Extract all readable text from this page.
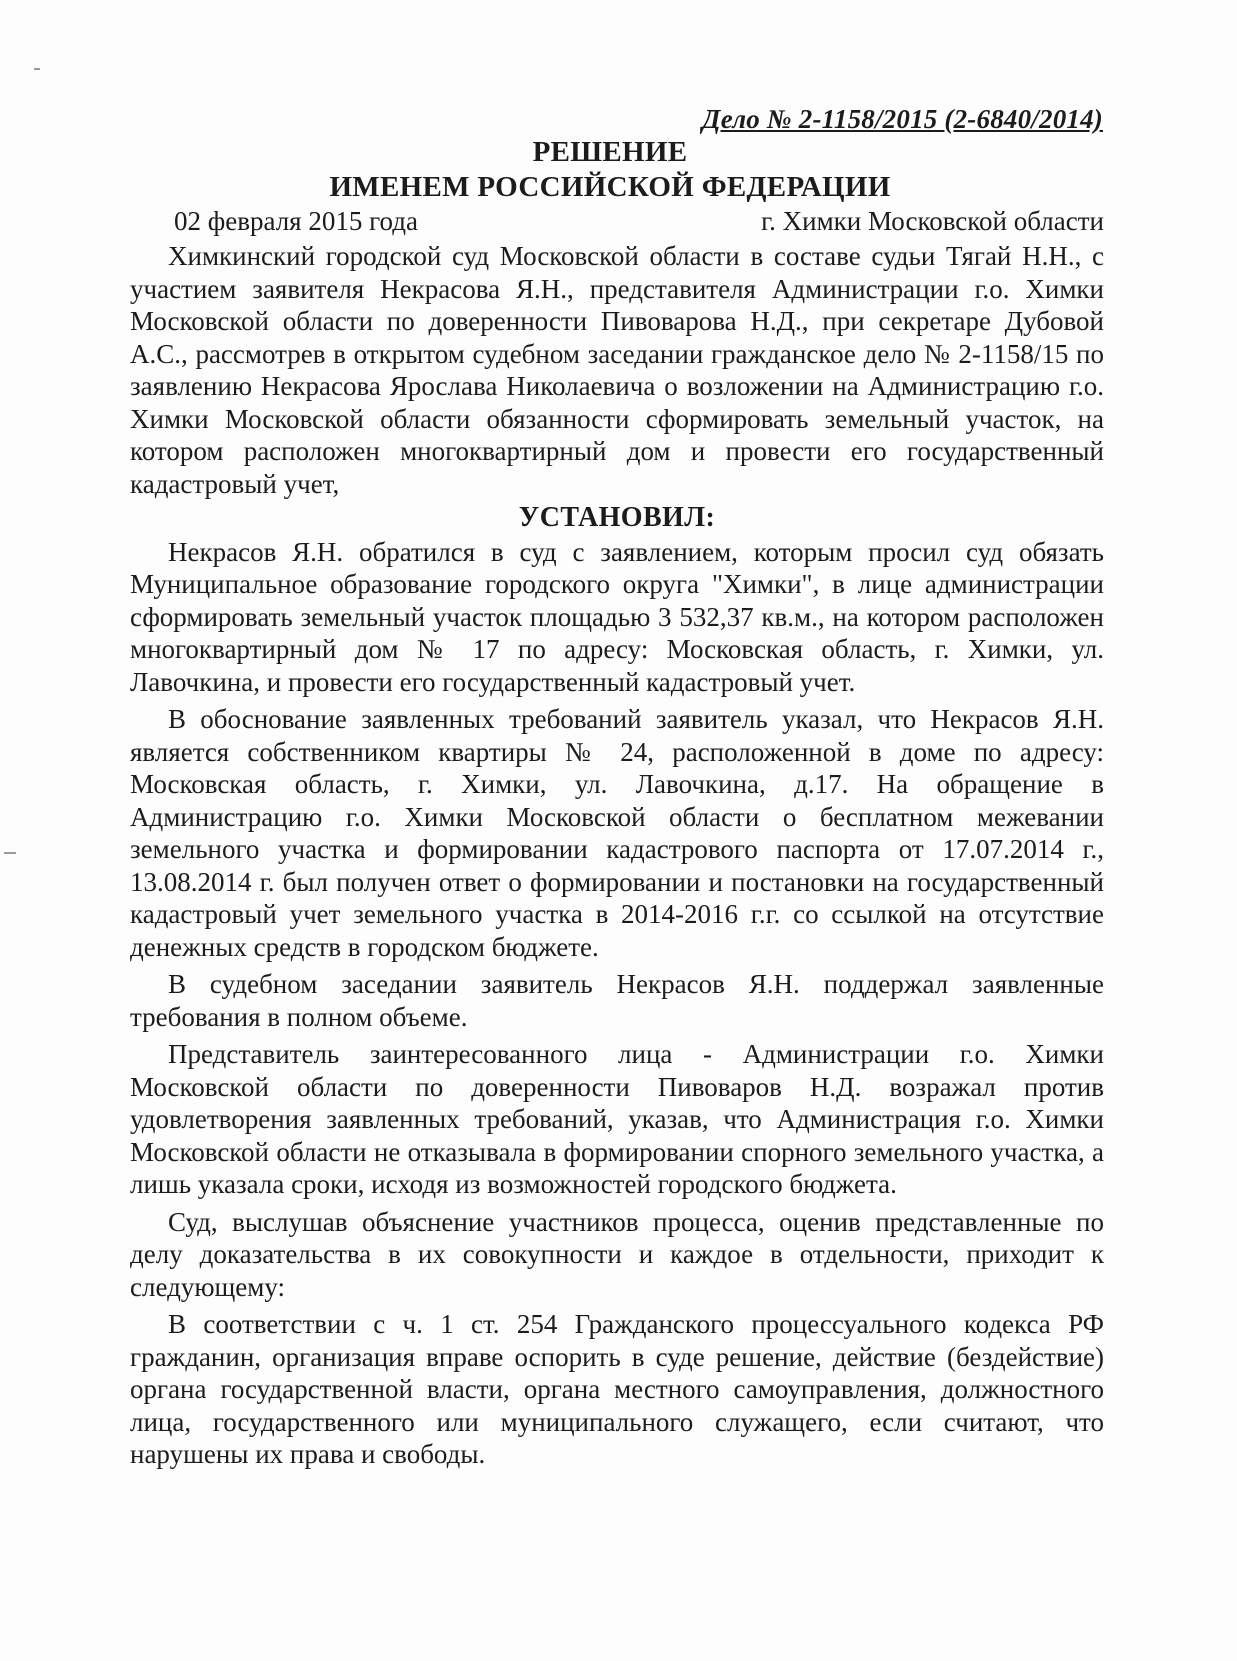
Дело № 2-1158/2015 (2-6840/2014)
РЕШЕНИЕ
ИМЕНЕМ РОССИЙСКОЙ ФЕДЕРАЦИИ
02 февраля 2015 года	г. Химки Московской области

Химкинский городской суд Московской области в составе судьи Тягай Н.Н., с участием заявителя Некрасова Я.Н., представителя Администрации г.о. Химки Московской области по доверенности Пивоварова Н.Д., при секретаре Дубовой А.С., рассмотрев в открытом судебном заседании гражданское дело № 2-1158/15 по заявлению Некрасова Ярослава Николаевича о возложении на Администрацию г.о. Химки Московской области обязанности сформировать земельный участок, на котором расположен многоквартирный дом и провести его государственный кадастровый учет,

УСТАНОВИЛ:

Некрасов Я.Н. обратился в суд с заявлением, которым просил суд обязать Муниципальное образование городского округа "Химки", в лице администрации сформировать земельный участок площадью 3 532,37 кв.м., на котором расположен многоквартирный дом № 17 по адресу: Московская область, г. Химки, ул. Лавочкина, и провести его государственный кадастровый учет.

В обоснование заявленных требований заявитель указал, что Некрасов Я.Н. является собственником квартиры № 24, расположенной в доме по адресу: Московская область, г. Химки, ул. Лавочкина, д.17. На обращение в Администрацию г.о. Химки Московской области о бесплатном межевании земельного участка и формировании кадастрового паспорта от 17.07.2014 г., 13.08.2014 г. был получен ответ о формировании и постановки на государственный кадастровый учет земельного участка в 2014-2016 г.г. со ссылкой на отсутствие денежных средств в городском бюджете.

В судебном заседании заявитель Некрасов Я.Н. поддержал заявленные требования в полном объеме.

Представитель заинтересованного лица - Администрации г.о. Химки Московской области по доверенности Пивоваров Н.Д. возражал против удовлетворения заявленных требований, указав, что Администрация г.о. Химки Московской области не отказывала в формировании спорного земельного участка, а лишь указала сроки, исходя из возможностей городского бюджета.

Суд, выслушав объяснение участников процесса, оценив представленные по делу доказательства в их совокупности и каждое в отдельности, приходит к следующему:

В соответствии с ч. 1 ст. 254 Гражданского процессуального кодекса РФ гражданин, организация вправе оспорить в суде решение, действие (бездействие) органа государственной власти, органа местного самоуправления, должностного лица, государственного или муниципального служащего, если считают, что нарушены их права и свободы.
